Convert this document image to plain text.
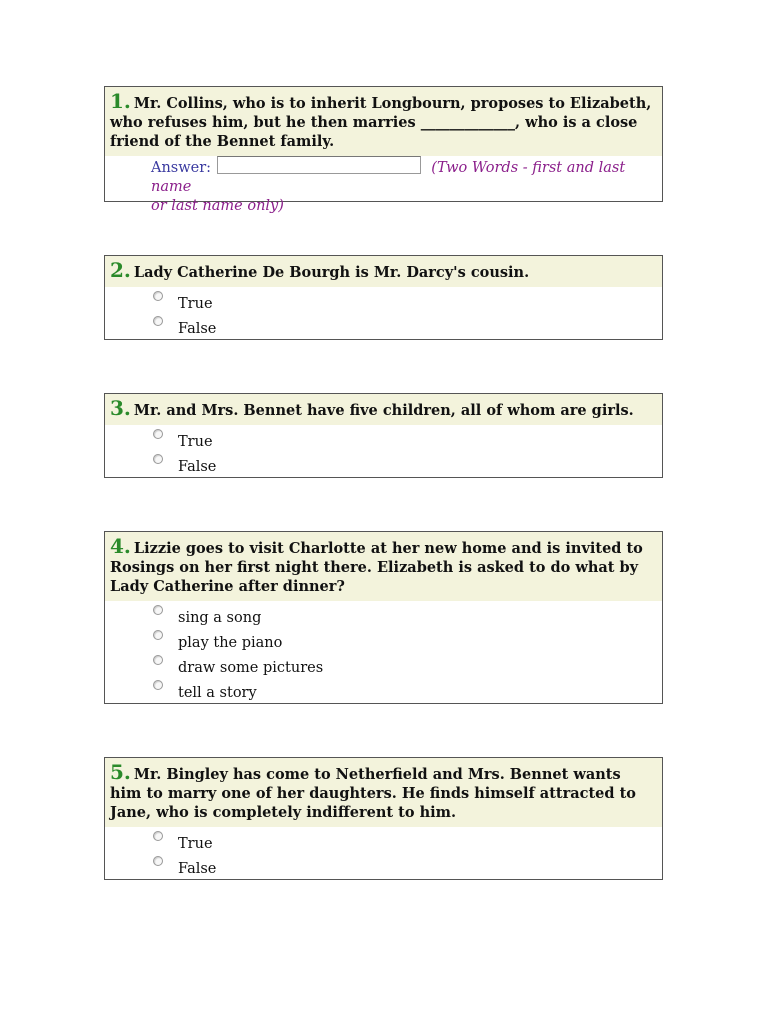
1. Mr. Collins, who is to inherit Longbourn, proposes to Elizabeth, who refuses him, but he then marries _____________, who is a close friend of the Bennet family.
Answer:	(Two Words - first and last name
or last name only)
2. Lady Catherine De Bourgh is Mr. Darcy's cousin.
True
False
3. Mr. and Mrs. Bennet have five children, all of whom are girls.
True
False
4. Lizzie goes to visit Charlotte at her new home and is invited to Rosings on her first night there. Elizabeth is asked to do what by Lady Catherine after dinner?
sing a song
play the piano
draw some pictures
tell a story
5. Mr. Bingley has come to Netherfield and Mrs. Bennet wants him to marry one of her daughters. He finds himself attracted to Jane, who is completely indifferent to him.
True
False
